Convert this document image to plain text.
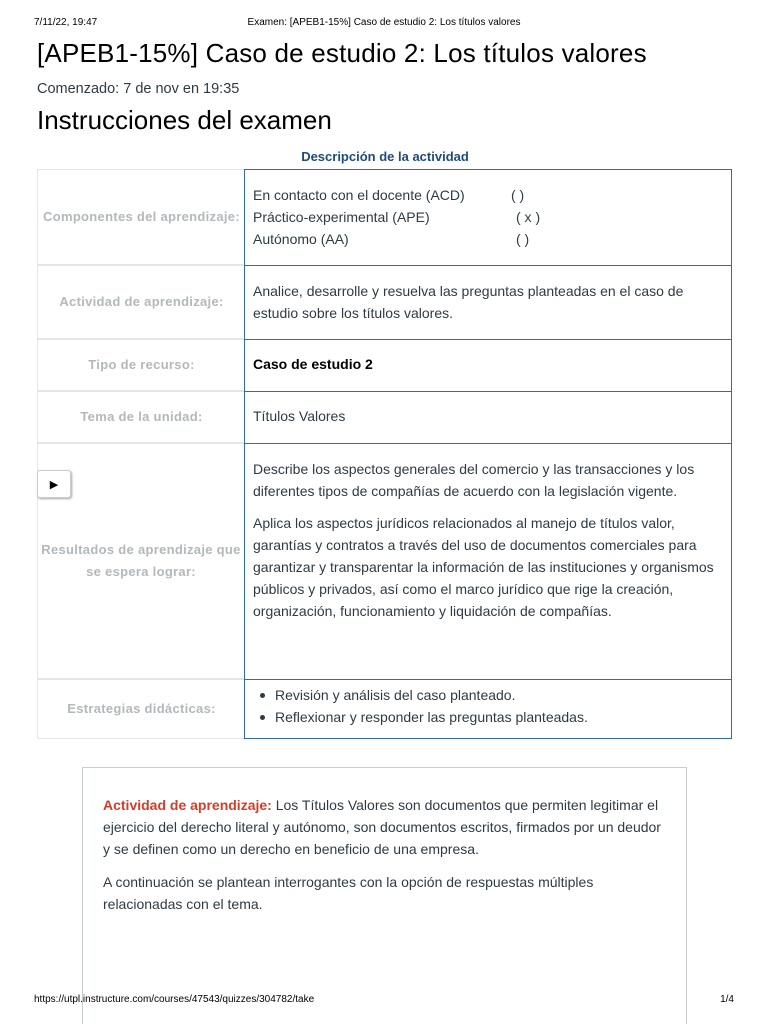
7/11/22, 19:47	Examen: [APEB1-15%] Caso de estudio 2: Los títulos valores
[APEB1-15%] Caso de estudio 2: Los títulos valores
Comenzado: 7 de nov en 19:35
Instrucciones del examen
Descripción de la actividad
Componentes del aprendizaje:
En contacto con el docente (ACD)	( )
Práctico-experimental (APE)	( x )
Autónomo (AA)	( )
Actividad de aprendizaje:
Analice, desarrolle y resuelva las preguntas planteadas en el caso de estudio sobre los títulos valores.
Tipo de recurso:	Caso de estudio 2
Tema de la unidad:	Títulos Valores
Resultados de aprendizaje que se espera lograr:
Describe los aspectos generales del comercio y las transacciones y los diferentes tipos de compañías de acuerdo con la legislación vigente.
Aplica los aspectos jurídicos relacionados al manejo de títulos valor, garantías y contratos a través del uso de documentos comerciales para garantizar y transparentar la información de las instituciones y organismos públicos y privados, así como el marco jurídico que rige la creación, organización, funcionamiento y liquidación de compañías.
Estrategias didácticas:
Revisión y análisis del caso planteado.
Reflexionar y responder las preguntas planteadas.
▶

Actividad de aprendizaje: Los Títulos Valores son documentos que permiten legitimar el ejercicio del derecho literal y autónomo, son documentos escritos, firmados por un deudor y se definen como un derecho en beneficio de una empresa.

A continuación se plantean interrogantes con la opción de respuestas múltiples relacionadas con el tema.

https://utpl.instructure.com/courses/47543/quizzes/304782/take	1/4
